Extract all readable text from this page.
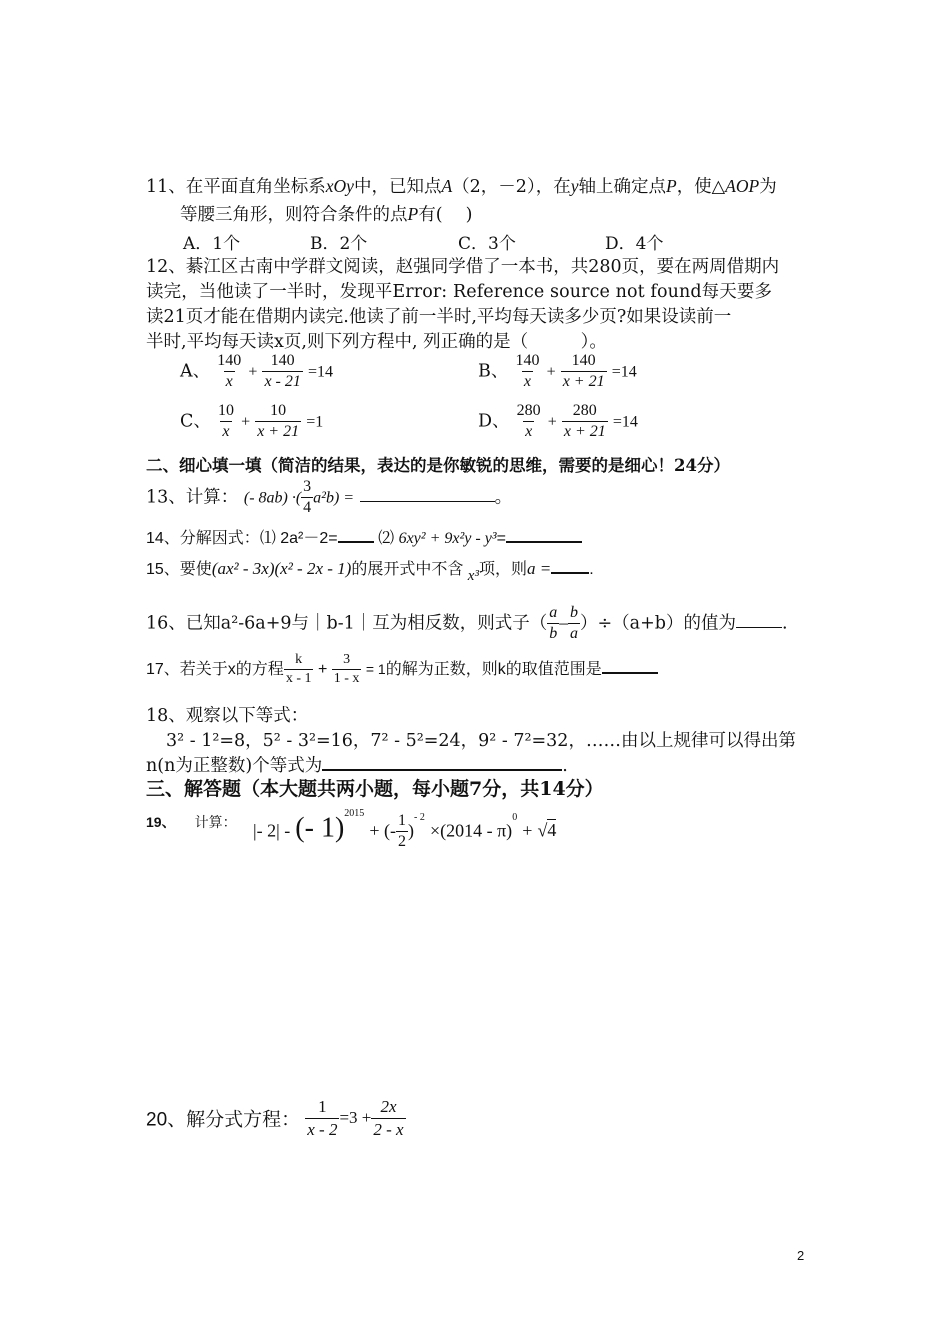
11、在平面直角坐标系xOy中，已知点A（2，－2），在y轴上确定点P，使△AOP为
等腰三角形，则符合条件的点P有(　 )
A．1个	B．2个	C．3个	D．4个
12、綦江区古南中学群文阅读，赵强同学借了一本书，共280页，要在两周借期内
读完，当他读了一半时，发现平Error: Reference source not found每天要多
读21页才能在借期内读完.他读了前一半时,平均每天读多少页?如果设读前一
半时,平均每天读x页,则下列方程中, 列正确的是（　　　）。
A、 $\frac{140}{x} + \frac{140}{x - 21} =14$	B、 $\frac{140}{x} + \frac{140}{x + 21} =14$
C、 $\frac{10}{x} + \frac{10}{x + 21} =1$	D、 $\frac{280}{x} + \frac{280}{x + 21} =14$
二、细心填一填（简洁的结果，表达的是你敏锐的思维，需要的是细心！24分）
13、计算： (- 8ab) ·( $\frac{3}{4} a^2b$) =	。
14、分解因式：⑴ 2a²－2=	⑵ 6xy² + 9x²y - y³=
15、要使(ax² - 3x)(x² - 2x - 1)的展开式中不含 x³项，则a = .
16、已知a²-6a+9与｜b-1｜互为相反数，则式子（ $\frac{a}{b} - \frac{b}{a} )\div(a+b)$的值为	.
17、若关于x的方程 $\frac{k}{x - 1} + \frac{3}{1 - x} = 1$的解为正数，则k的取值范围是
18、观察以下等式：
3² - 1²=8，5² - 3²=16，7² - 5²=24，9² - 7²=32，……由以上规律可以得出第
n(n为正整数)个等式为	.
三、解答题（本大题共两小题，每小题7分，共14分）
19、 计算： |- 2| - (- 1)$^{2015}$ + (- $\frac{1}{2} )^{- 2} \times(2014 - \pi)^0 + √4$
20、解分式方程： $\frac{1}{x - 2} =3 + \frac{2x}{2 - x}$
2
